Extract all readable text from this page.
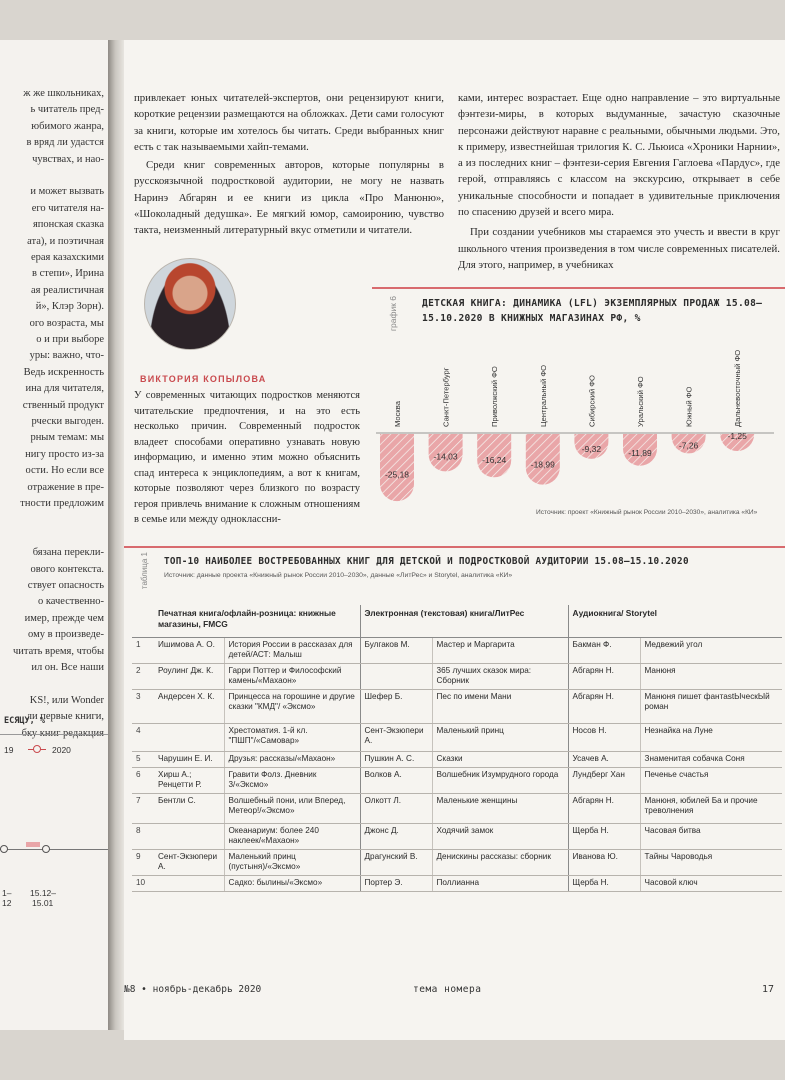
ж же школьниках,
ь читатель пред-
юбимого жанра,
в вряд ли удастся
чувствах, и нао-
и может вызвать
его читателя на-
японская сказка
ата), и поэтичная
ерая казахскими
в степи», Ирина
ая реалистичная
й», Клэр Зорн).
ого возраста, мы
о и при выборе
уры: важно, что-
Ведь искренность
ина для читателя,
ственный продукт
рчески выгоден.
рным темам: мы
нигу просто из-за
ости. Но если все
отражение в пре-
тности предложим
бязана перекли-
ового контекста.
ствует опасность
о качественно-
имер, прежде чем
ому в произведе-
читать время, чтобы
ил он. Все наши
KS!, или Wonder
ли первые книги,
бку книг редакция
ЕСЯЦУ, %
19	2020
1–
12
15.12–
15.01

привлекает юных читателей-экспертов, они рецензируют книги, короткие рецензии размещаются на обложках. Дети сами голосуют за книги, которые им хотелось бы читать. Среди выбранных книг есть с так называемыми хайп-темами.

Среди книг современных авторов, которые популярны в русскоязычной подростковой аудитории, не могу не назвать Наринэ Абгарян и ее книги из цикла «Про Манюню», «Шоколадный дедушка». Ее мягкий юмор, самоиронию, чувство такта, неизменный литературный вкус отметили и читатели.

ками, интерес возрастает. Еще одно направление – это виртуальные фэнтези-миры, в которых выдуманные, зачастую сказочные персонажи действуют наравне с реальными, обычными людьми. Это, к примеру, известнейшая трилогия К. С. Льюиса «Хроники Нарнии», а из последних книг – фэнтези-серия Евгения Гаглоева «Пардус», где герой, отправляясь с классом на экскурсию, открывает в себе уникальные способности и попадает в удивительные приключения по спасению друзей и всего мира.

При создании учебников мы стараемся это учесть и ввести в круг школьного чтения произведения в том числе современных писателей. Для этого, например, в учебниках

ВИКТОРИЯ КОПЫЛОВА

У современных читающих подростков меняются читательские предпочтения, и на это есть несколько причин. Современный подросток владеет способами оперативно узнавать новую информацию, и именно этим можно объяснить спад интереса к энциклопедиям, а вот к книгам, которые позволяют через близкого по возрасту героя привлечь внимание к сложным отношениям в семье или между одноклассни-

график 6	ДЕТСКАЯ КНИГА: ДИНАМИКА (LFL) ЭКЗЕМПЛЯРНЫХ ПРОДАЖ 15.08–15.10.2020 В КНИЖНЫХ МАГАЗИНАХ РФ, %
-25,18
Москва
-14,03
Санкт-Петербург
-16,24
Приволжский ФО
-18,99
Центральный ФО
-9,32
Сибирский ФО
-11,89
Уральский ФО
-7,26
Южный ФО
-1,25
Дальневосточный ФО
Источник: проект «Книжный рынок России 2010–2030», аналитика «КИ»
таблица 1 ТОП-10 НАИБОЛЕЕ ВОСТРЕБОВАННЫХ КНИГ ДЛЯ ДЕТСКОЙ И ПОДРОСТКОВОЙ АУДИТОРИИ 15.08–15.10.2020
Источник: данные проекта «Книжный рынок России 2010–2030», данные «ЛитРес» и Storytel, аналитика «КИ»
	Печатная книга/офлайн-розница: книжные магазины, FMCG		Электронная (текстовая) книга/ЛитРес		Аудиокнига/ Storytel	
1	Ишимова А. О.	История России в рассказах для детей/АСТ: Малыш	Булгаков М.	Мастер и Маргарита	Бакман Ф.	Медвежий угол
2	Роулинг Дж. К.	Гарри Поттер и Философский камень/«Махаон»		365 лучших сказок мира: Сборник	Абгарян Н.	Манюня
3	Андерсен Х. К.	Принцесса на горошине и другие сказки "КМД"/ «Эксмо»	Шефер Б.	Пес по имени Мани	Абгарян Н.	Манюня пишет фантаstЫческЫй роман
4		Хрестоматия. 1-й кл. "ПШП"/«Самовар»	Сент-Экзюпери А.	Маленький принц	Носов Н.	Незнайка на Луне
5	Чарушин Е. И.	Друзья: рассказы/«Махаон»	Пушкин А. С.	Сказки	Усачев А.	Знаменитая собачка Соня
6	Хирш А.; Ренцетти Р.	Гравити Фолз. Дневник 3/«Эксмо»	Волков А.	Волшебник Изумрудного города	Лундберг Хан	Печенье счастья
7	Бентли С.	Волшебный пони, или Вперед, Метеор!/«Эксмо»	Олкотт Л.	Маленькие женщины	Абгарян Н.	Манюня, юбилей Ба и прочие треволнения
8		Океанариум: более 240 наклеек/«Махаон»	Джонс Д.	Ходячий замок	Щерба Н.	Часовая битва
9	Сент-Экзюпери А.	Маленький принц (пустыня)/«Эксмо»	Драгунский В.	Денискины рассказы: сборник	Иванова Ю.	Тайны Чароводья
10		Садко: былины/«Эксмо»	Портер Э.	Поллианна	Щерба Н.	Часовой ключ
№8 • ноябрь-декабрь 2020	тема номера	17
